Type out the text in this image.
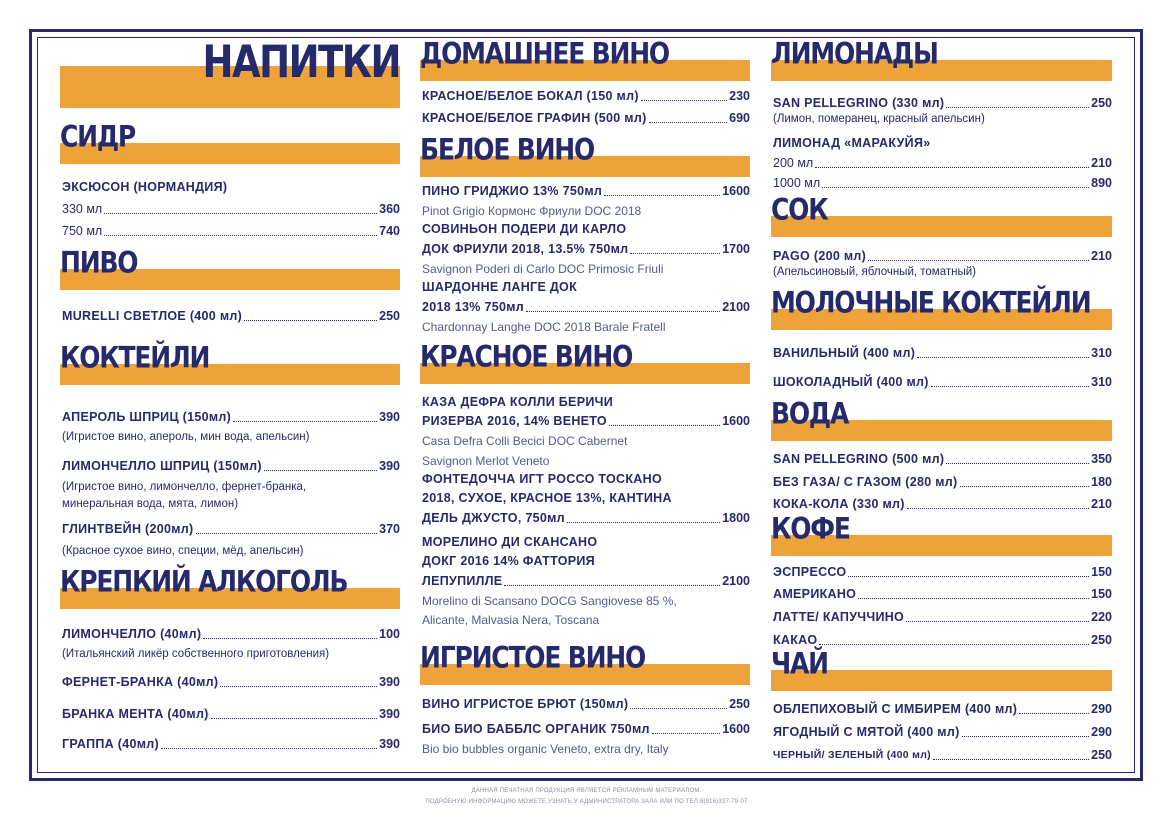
НАПИТКИ
СИДР
ЭКСЮСОН (НОРМАНДИЯ)
330 мл	360
750 мл	740
ПИВО
MURELLI СВЕТЛОЕ (400 мл)	250
КОКТЕЙЛИ
АПЕРОЛЬ ШПРИЦ (150мл)	390
(Игристое вино, апероль, мин вода, апельсин)
ЛИМОНЧЕЛЛО ШПРИЦ (150мл)	390
(Игристое вино, лимончелло, фернет-бранка,
минеральная вода, мята, лимон)
ГЛИНТВЕЙН (200мл)	370
(Красное сухое вино, специи, мёд, апельсин)
КРЕПКИЙ АЛКОГОЛЬ
ЛИМОНЧЕЛЛО (40мл)	100
(Итальянский ликёр собственного приготовления)
ФЕРНЕТ-БРАНКА (40мл)	390
БРАНКА МЕНТА (40мл)	390
ГРАППА (40мл)	390
ДОМАШНЕЕ ВИНО
КРАСНОЕ/БЕЛОЕ БОКАЛ (150 мл)	230
КРАСНОЕ/БЕЛОЕ ГРАФИН (500 мл)	690
БЕЛОЕ ВИНО
ПИНО ГРИДЖИО 13% 750мл	1600
Pinot Grigio Кормонс Фриули DOC 2018
СОВИНЬОН ПОДЕРИ ДИ КАРЛО
ДОК ФРИУЛИ 2018, 13.5% 750мл	1700
Savignon Poderi di Carlo DOC Primosic Friuli
ШАРДОННЕ ЛАНГЕ ДОК
2018 13% 750мл	2100
Chardonnay Langhe DOC 2018 Barale Fratell
КРАСНОЕ ВИНО
КАЗА ДЕФРА КОЛЛИ БЕРИЧИ
РИЗЕРВА 2016, 14% ВЕНЕТО	1600
Casa Defra Colli Becici DOC Cabernet
Savignon Merlot Veneto
ФОНТЕДОЧЧА ИГТ РОССО ТОСКАНО
2018, СУХОЕ, КРАСНОЕ 13%, КАНТИНА
ДЕЛЬ ДЖУСТО, 750мл	1800
МОРЕЛИНО ДИ СКАНСАНО
ДОКГ 2016 14% ФАТТОРИЯ
ЛЕПУПИЛЛЕ	2100
Morelino di Scansano DOCG Sangiovese 85 %,
Alicante, Malvasia Nera, Toscana
ИГРИСТОЕ ВИНО
ВИНО ИГРИСТОЕ БРЮТ (150мл)	250
БИО БИО БАББЛС ОРГАНИК 750мл	1600
Bio bio bubbles organic Veneto, extra dry, Italy
ЛИМОНАДЫ
SAN PELLEGRINO (330 мл)	250
(Лимон, померанец, красный апельсин)
ЛИМОНАД «МАРАКУЙЯ»
200 мл	210
1000 мл	890
СОК
PAGO (200 мл)	210
(Апельсиновый, яблочный, томатный)
МОЛОЧНЫЕ КОКТЕЙЛИ
ВАНИЛЬНЫЙ (400 мл)	310
ШОКОЛАДНЫЙ (400 мл)	310
ВОДА
SAN PELLEGRINO (500 мл)	350
БЕЗ ГАЗА/ С ГАЗОМ (280 мл)	180
КОКА-КОЛА (330 мл)	210
КОФЕ
ЭСПРЕССО	150
АМЕРИКАНО	150
ЛАТТЕ/ КАПУЧЧИНО	220
КАКАО	250
ЧАЙ
ОБЛЕПИХОВЫЙ С ИМБИРЕМ (400 мл)	290
ЯГОДНЫЙ С МЯТОЙ (400 мл)	290
ЧЕРНЫЙ/ ЗЕЛЕНЫЙ (400 мл)	250
ДАННАЯ ПЕЧАТНАЯ ПРОДУКЦИЯ ЯВЛЯЕТСЯ РЕКЛАМНЫМ МАТЕРИАЛОМ.
ПОДРОБНУЮ ИНФОРМАЦИЮ МОЖЕТЕ УЗНАТЬ У АДМИНИСТРАТОРА ЗАЛА ИЛИ ПО ТЕЛ.8(916)337-79-07
